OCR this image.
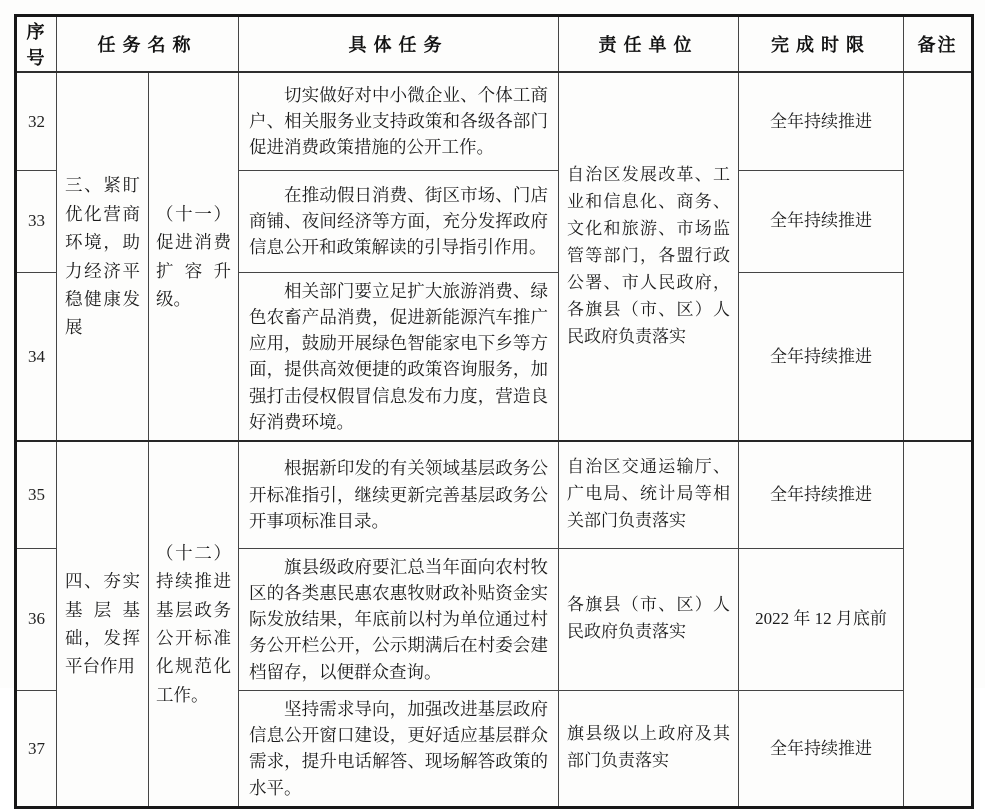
序号	任务名称		具体任务	责任单位	完成时限	备注
32	三、紧盯优化营商环境，助力经济平稳健康发展	（十一）促进消费扩容升级。	切实做好对中小微企业、个体工商户、相关服务业支持政策和各级各部门促进消费政策措施的公开工作。	自治区发展改革、工业和信息化、商务、文化和旅游、市场监管等部门，各盟行政公署、市人民政府，各旗县（市、区）人民政府负责落实	全年持续推进	
33			在推动假日消费、街区市场、门店商铺、夜间经济等方面，充分发挥政府信息公开和政策解读的引导指引作用。		全年持续推进	
34			相关部门要立足扩大旅游消费、绿色农畜产品消费，促进新能源汽车推广应用，鼓励开展绿色智能家电下乡等方面，提供高效便捷的政策咨询服务，加强打击侵权假冒信息发布力度，营造良好消费环境。		全年持续推进	
35	四、夯实基层基础，发挥平台作用	（十二）持续推进基层政务公开标准化规范化工作。	根据新印发的有关领域基层政务公开标准指引，继续更新完善基层政务公开事项标准目录。	自治区交通运输厅、广电局、统计局等相关部门负责落实	全年持续推进	
36			旗县级政府要汇总当年面向农村牧区的各类惠民惠农惠牧财政补贴资金实际发放结果，年底前以村为单位通过村务公开栏公开，公示期满后在村委会建档留存，以便群众查询。	各旗县（市、区）人民政府负责落实	2022 年 12 月底前	
37			坚持需求导向，加强改进基层政府信息公开窗口建设，更好适应基层群众需求，提升电话解答、现场解答政策的水平。	旗县级以上政府及其部门负责落实	全年持续推进	
